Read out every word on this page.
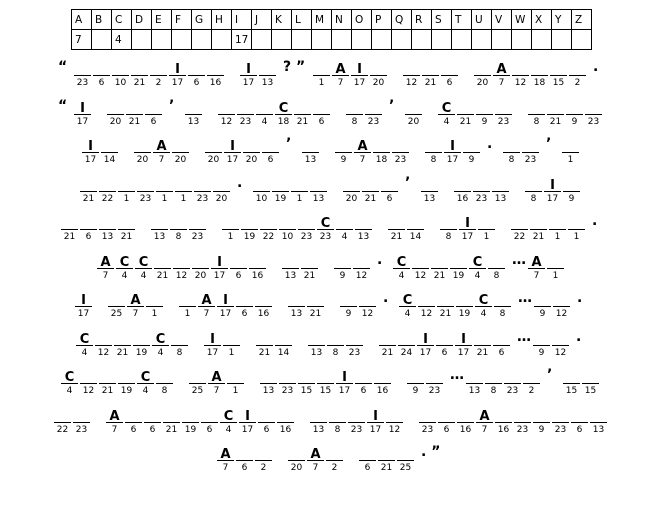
A	B	C	D	E	F	G	H	I	J	K	L	M	N	O	P	Q	R	S	T	U	V	W	X	Y	Z
7		4						17																	
“
23	6	10 21	2
I
17	6	16
I
17 13
? ”
1
A
7
I
17 20	12 21	6	20
A
7	12 18 15	2
.
“ I
17	20 21	6
’
13	12 23	4
C
18 21	6	8	23
’
20
C
4	21	9	23	8	21	9	23
I
17 14	20
A
7	20	20
I
17 20	6
’
13	9
A
7	18 23	8
I
17	9
.
8	23
’
1
21 22	1	23	1	1	23 20
.
10 19	1	13	20 21	6
’
13	16 23 13	8
I
17	9
21	6	13 21	13	8	23	1	19 22 10 23
C
23	4	13	21 14	8
I
17	1	22 21	1	1
.
A
7
C
4
C
4	21 12 20
I
17	6	16	13 21	9	12
.	C
4	12 21 19
C
4	8
… A
7	1
I
17	25
A
7	1	1
A
7
I
17	6	16	13 21	9	12
.	C
4	12 21 19
C
4	8
…
9	12
.
C
4	12 21 19
C
4	8
I
17	1	21 14	13	8	23	21 24
I
17	6
I
17 21	6
…
9	12
.
C
4	12 21 19
C
4	8	25
A
7	1	13 23 15 15
I
17	6	16	9	23
…
13	8	23	2
’
15 15
22 23
A
7	6	6	21 19	6
C
4
I
17	6	16	13	8	23
I
17 12	23	6	16
A
7	16 23	9	23	6	13
A
7	6	2	20
A
7	2	6	21 25
. ”
